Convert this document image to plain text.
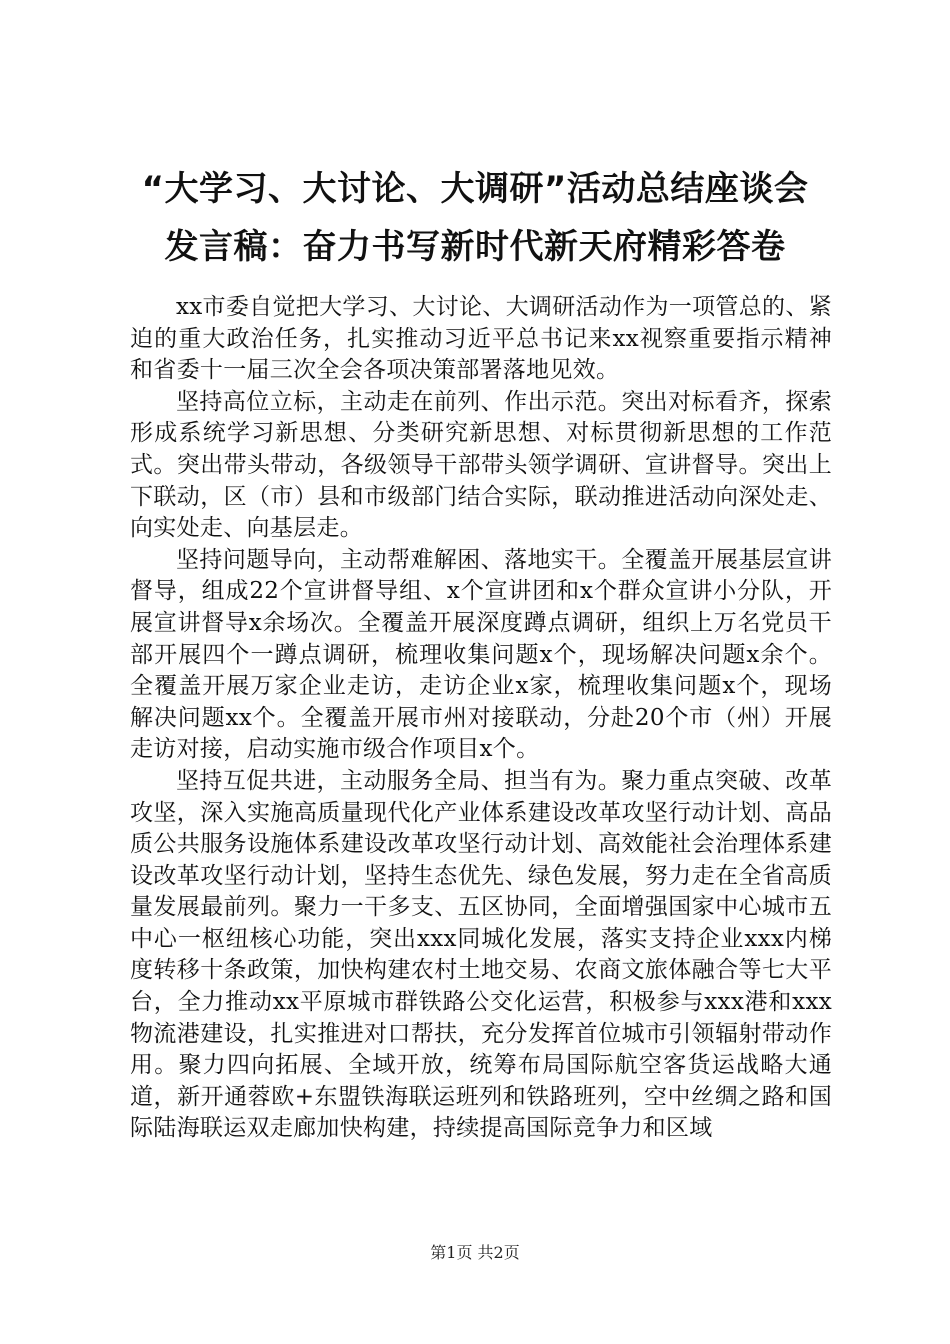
“大学习、大讨论、大调研”活动总结座谈会
发言稿：奋力书写新时代新天府精彩答卷

xx市委自觉把大学习、大讨论、大调研活动作为一项管总的、紧迫的重大政治任务，扎实推动习近平总书记来xx视察重要指示精神和省委十一届三次全会各项决策部署落地见效。

坚持高位立标，主动走在前列、作出示范。突出对标看齐，探索形成系统学习新思想、分类研究新思想、对标贯彻新思想的工作范式。突出带头带动，各级领导干部带头领学调研、宣讲督导。突出上下联动，区（市）县和市级部门结合实际，联动推进活动向深处走、向实处走、向基层走。

坚持问题导向，主动帮难解困、落地实干。全覆盖开展基层宣讲督导，组成22个宣讲督导组、x个宣讲团和x个群众宣讲小分队，开展宣讲督导x余场次。全覆盖开展深度蹲点调研，组织上万名党员干部开展四个一蹲点调研，梳理收集问题x个，现场解决问题x余个。全覆盖开展万家企业走访，走访企业x家，梳理收集问题x个，现场解决问题xx个。全覆盖开展市州对接联动，分赴20个市（州）开展走访对接，启动实施市级合作项目x个。

坚持互促共进，主动服务全局、担当有为。聚力重点突破、改革攻坚，深入实施高质量现代化产业体系建设改革攻坚行动计划、高品质公共服务设施体系建设改革攻坚行动计划、高效能社会治理体系建设改革攻坚行动计划，坚持生态优先、绿色发展，努力走在全省高质量发展最前列。聚力一干多支、五区协同，全面增强国家中心城市五中心一枢纽核心功能，突出xxx同城化发展，落实支持企业xxx内梯度转移十条政策，加快构建农村土地交易、农商文旅体融合等七大平台，全力推动xx平原城市群铁路公交化运营，积极参与xxx港和xxx物流港建设，扎实推进对口帮扶，充分发挥首位城市引领辐射带动作用。聚力四向拓展、全域开放，统筹布局国际航空客货运战略大通道，新开通蓉欧+东盟铁海联运班列和铁路班列，空中丝绸之路和国际陆海联运双走廊加快构建，持续提高国际竞争力和区域

第1页 共2页
